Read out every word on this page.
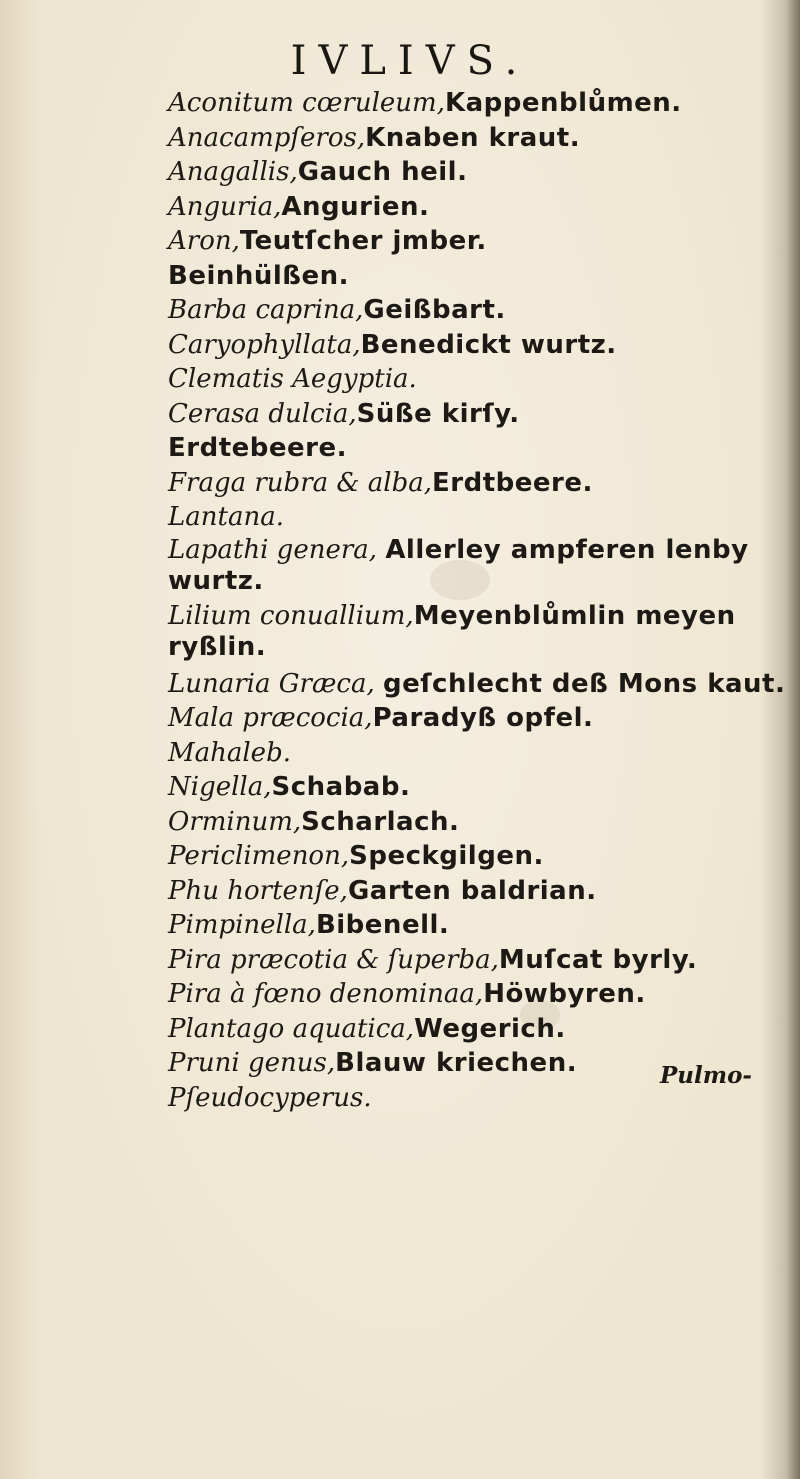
IVLIVS.
Aconitum cœruleum,Kappenblůmen.
Anacampſeros,Knaben kraut.
Anagallis,Gauch heil.
Anguria,Angurien.
Aron,Teutſcher jmber.
Beinhülßen.
Barba caprina,Geißbart.
Caryophyllata,Benedickt wurtz.
Clematis Aegyptia.
Cerasa dulcia,Süße kirſy.
Erdtebeere.
Fraga rubra & alba,Erdtbeere.
Lantana.
Lapathi genera, Allerley ampferen lenby wurtz.
Lilium conuallium,Meyenblůmlin meyen ryßlin.
Lunaria Græca, geſchlecht deß Mons kaut.
Mala præcocia,Paradyß opfel.
Mahaleb.
Nigella,Schabab.
Orminum,Scharlach.
Periclimenon,Speckgilgen.
Phu hortenſe,Garten baldrian.
Pimpinella,Bibenell.
Pira præcotia & ſuperba,Muſcat byrly.
Pira à fœno denominaa,Höwbyren.
Plantago aquatica,Wegerich.
Pruni genus,Blauw kriechen.
Pſeudocyperus.
Pulmo-
